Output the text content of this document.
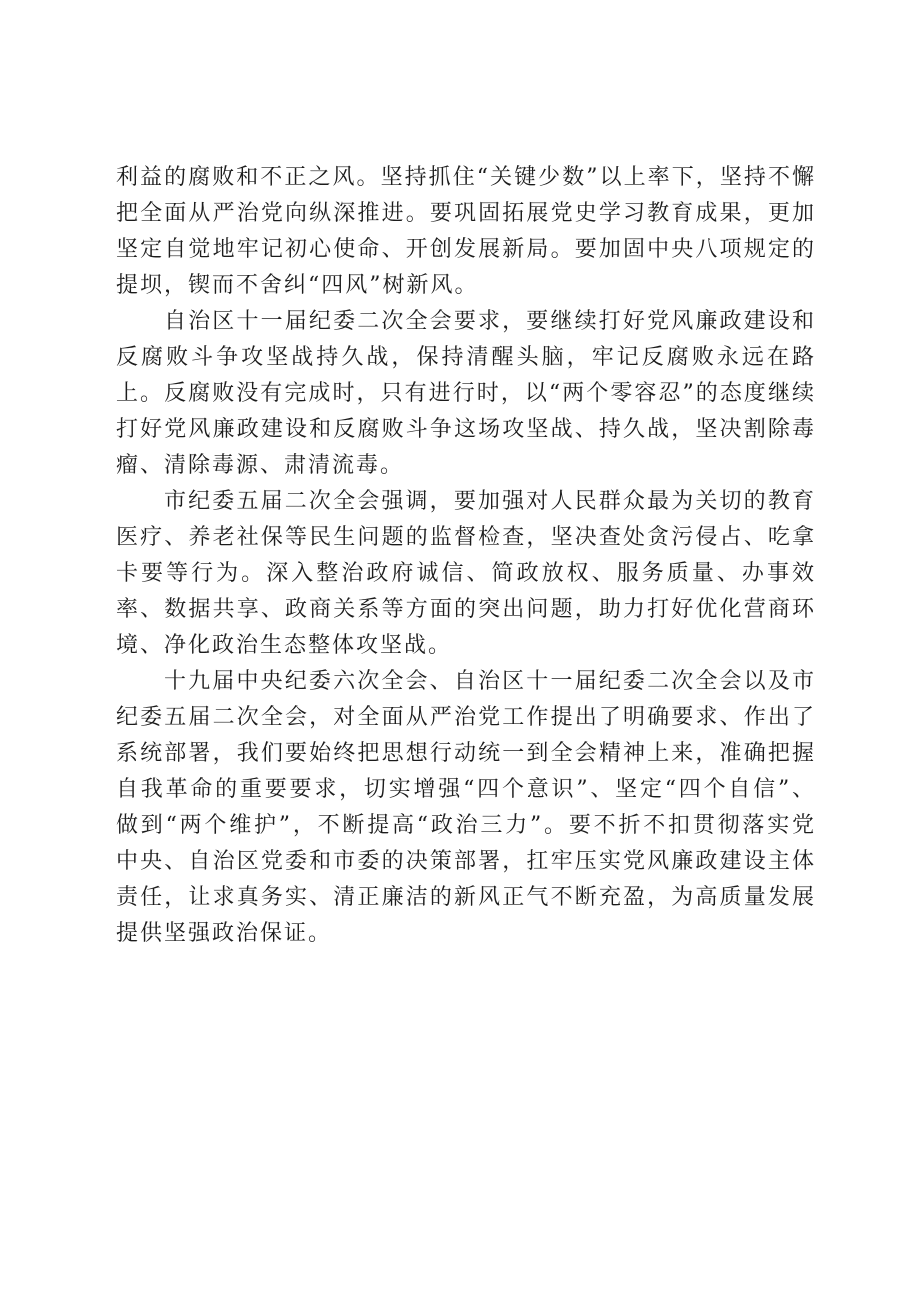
利益的腐败和不正之风。坚持抓住“关键少数”以上率下，坚持不懈把全面从严治党向纵深推进。要巩固拓展党史学习教育成果，更加坚定自觉地牢记初心使命、开创发展新局。要加固中央八项规定的提坝，锲而不舍纠“四风”树新风。

自治区十一届纪委二次全会要求，要继续打好党风廉政建设和反腐败斗争攻坚战持久战，保持清醒头脑，牢记反腐败永远在路上。反腐败没有完成时，只有进行时，以“两个零容忍”的态度继续打好党风廉政建设和反腐败斗争这场攻坚战、持久战，坚决割除毒瘤、清除毒源、肃清流毒。

市纪委五届二次全会强调，要加强对人民群众最为关切的教育医疗、养老社保等民生问题的监督检查，坚决查处贪污侵占、吃拿卡要等行为。深入整治政府诚信、简政放权、服务质量、办事效率、数据共享、政商关系等方面的突出问题，助力打好优化营商环境、净化政治生态整体攻坚战。

十九届中央纪委六次全会、自治区十一届纪委二次全会以及市纪委五届二次全会，对全面从严治党工作提出了明确要求、作出了系统部署，我们要始终把思想行动统一到全会精神上来，准确把握自我革命的重要要求，切实增强“四个意识”、坚定“四个自信”、做到“两个维护”，不断提高“政治三力”。要不折不扣贯彻落实党中央、自治区党委和市委的决策部署，扛牢压实党风廉政建设主体责任，让求真务实、清正廉洁的新风正气不断充盈，为高质量发展提供坚强政治保证。
